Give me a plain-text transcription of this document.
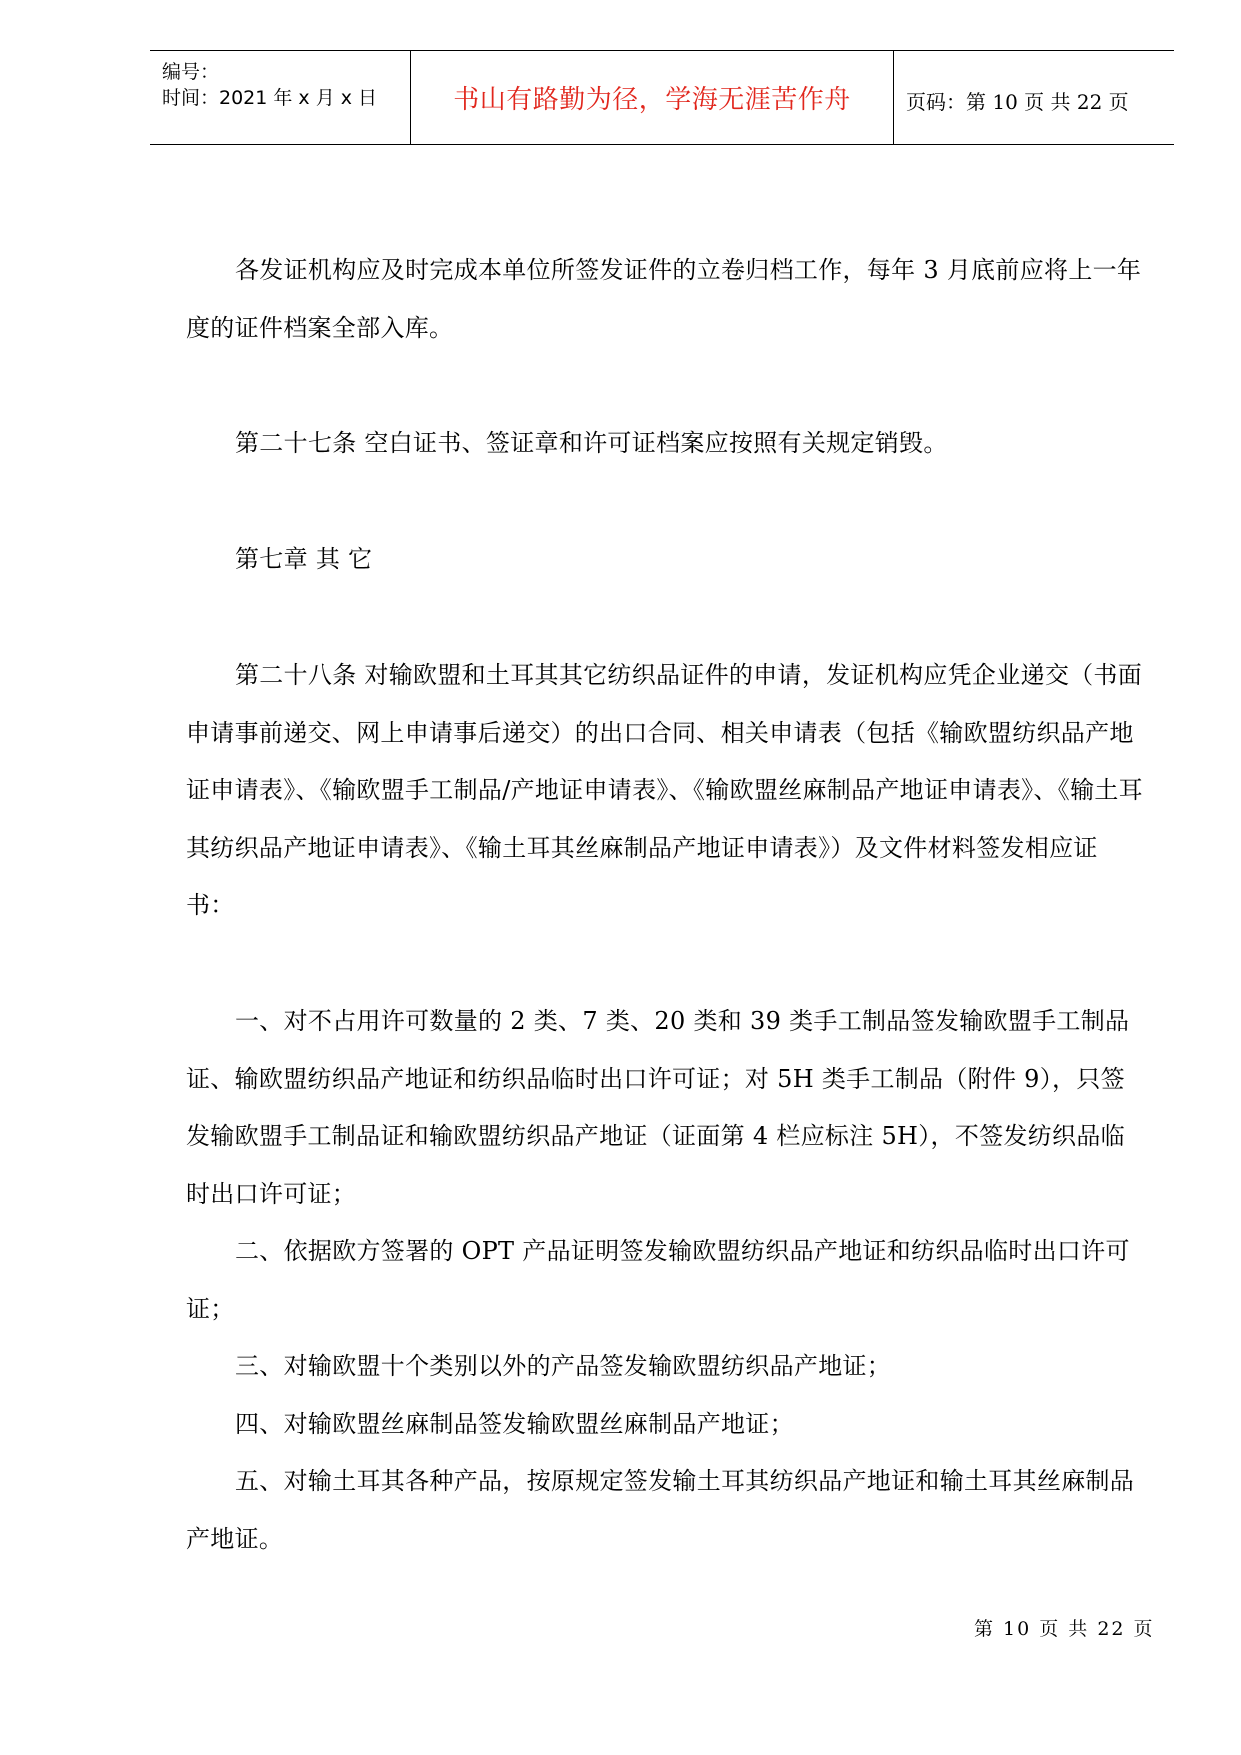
编号：
时间：2021 年 x 月 x 日	书山有路勤为径，学海无涯苦作舟	页码：第 10 页 共 22 页

各发证机构应及时完成本单位所签发证件的立卷归档工作，每年 3 月底前应将上一年度的证件档案全部入库。

第二十七条 空白证书、签证章和许可证档案应按照有关规定销毁。

第七章 其 它

第二十八条 对输欧盟和土耳其其它纺织品证件的申请，发证机构应凭企业递交（书面申请事前递交、网上申请事后递交）的出口合同、相关申请表（包括《输欧盟纺织品产地证申请表》、《输欧盟手工制品/产地证申请表》、《输欧盟丝麻制品产地证申请表》、《输土耳其纺织品产地证申请表》、《输土耳其丝麻制品产地证申请表》）及文件材料签发相应证书：

一、对不占用许可数量的 2 类、7 类、20 类和 39 类手工制品签发输欧盟手工制品证、输欧盟纺织品产地证和纺织品临时出口许可证；对 5H 类手工制品（附件 9），只签发输欧盟手工制品证和输欧盟纺织品产地证（证面第 4 栏应标注 5H），不签发纺织品临时出口许可证；

二、依据欧方签署的 OPT 产品证明签发输欧盟纺织品产地证和纺织品临时出口许可证；

三、对输欧盟十个类别以外的产品签发输欧盟纺织品产地证；

四、对输欧盟丝麻制品签发输欧盟丝麻制品产地证；

五、对输土耳其各种产品，按原规定签发输土耳其纺织品产地证和输土耳其丝麻制品产地证。

第 10 页 共 22 页
